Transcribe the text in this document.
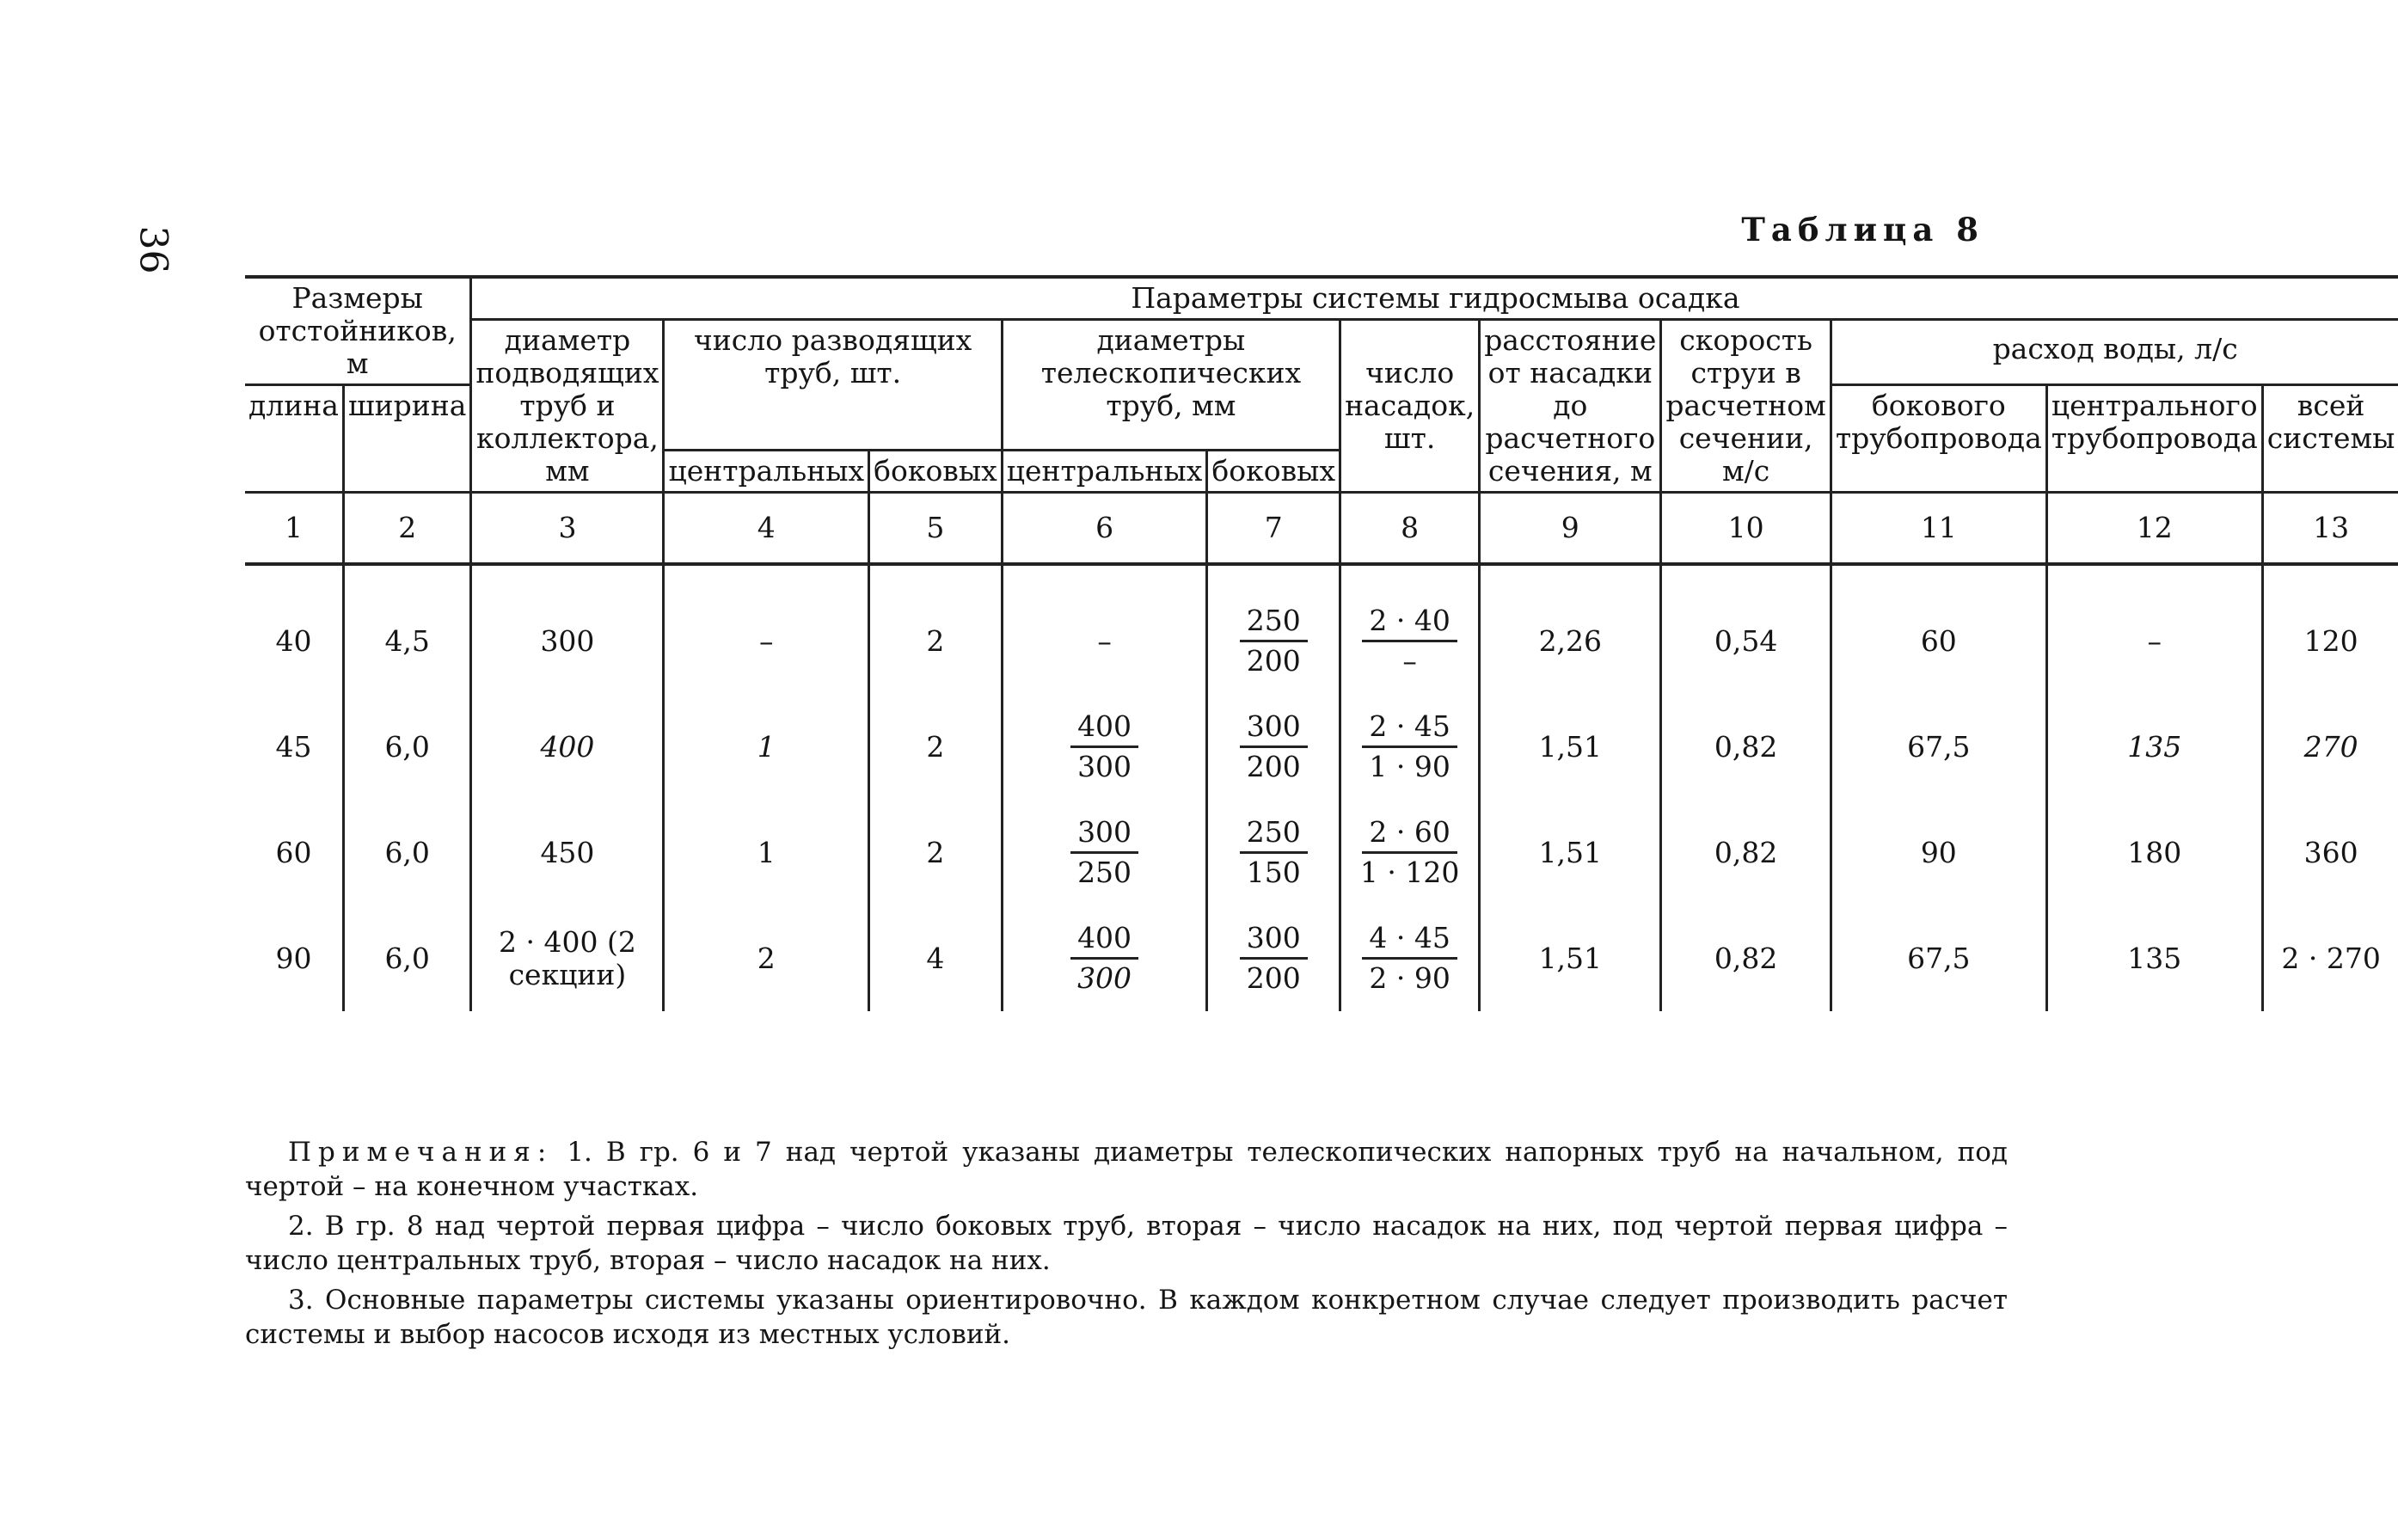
36	Таблица 8
Размеры отстойников, м		Параметры системы гидросмыва осадка										
		диаметр подводящих труб и коллектора, мм	число разводящих труб, шт.		диаметры телескопических труб, мм		число насадок, шт.	расстояние от насадки до расчетного сечения, м	скорость струи в расчетном сечении, м/с	расход воды, л/с		
длина	ширина									бокового трубопровода	центрального трубопровода	всей системы
			центральных	боковых	центральных	боковых						
1	2	3	4	5	6	7	8	9	10	11	12	13
40	4,5	300	–	2	–	$\frac{250}{200}$	$\frac{2 \cdot 40}{-}$	2,26	0,54	60	–	120
45	6,0	400	1	2	$\frac{400}{300}$	$\frac{300}{200}$	$\frac{2 \cdot 45}{1 \cdot 90}$	1,51	0,82	67,5	135	270
60	6,0	450	1	2	$\frac{300}{250}$	$\frac{250}{150}$	$\frac{2 \cdot 60}{1 \cdot 120}$	1,51	0,82	90	180	360
90	6,0	2 · 400 (2 секции)	2	4	$\frac{400}{300}$	$\frac{300}{200}$	$\frac{4 \cdot 45}{2 \cdot 90}$	1,51	0,82	67,5	135	2 · 270

Примечания: 1. В гр. 6 и 7 над чертой указаны диаметры телескопических напорных труб на начальном, под чертой – на конечном участках.

2. В гр. 8 над чертой первая цифра – число боковых труб, вторая – число насадок на них, под чертой первая цифра – число центральных труб, вторая – число насадок на них.

3. Основные параметры системы указаны ориентировочно. В каждом конкретном случае следует производить расчет системы и выбор насосов исходя из местных условий.
